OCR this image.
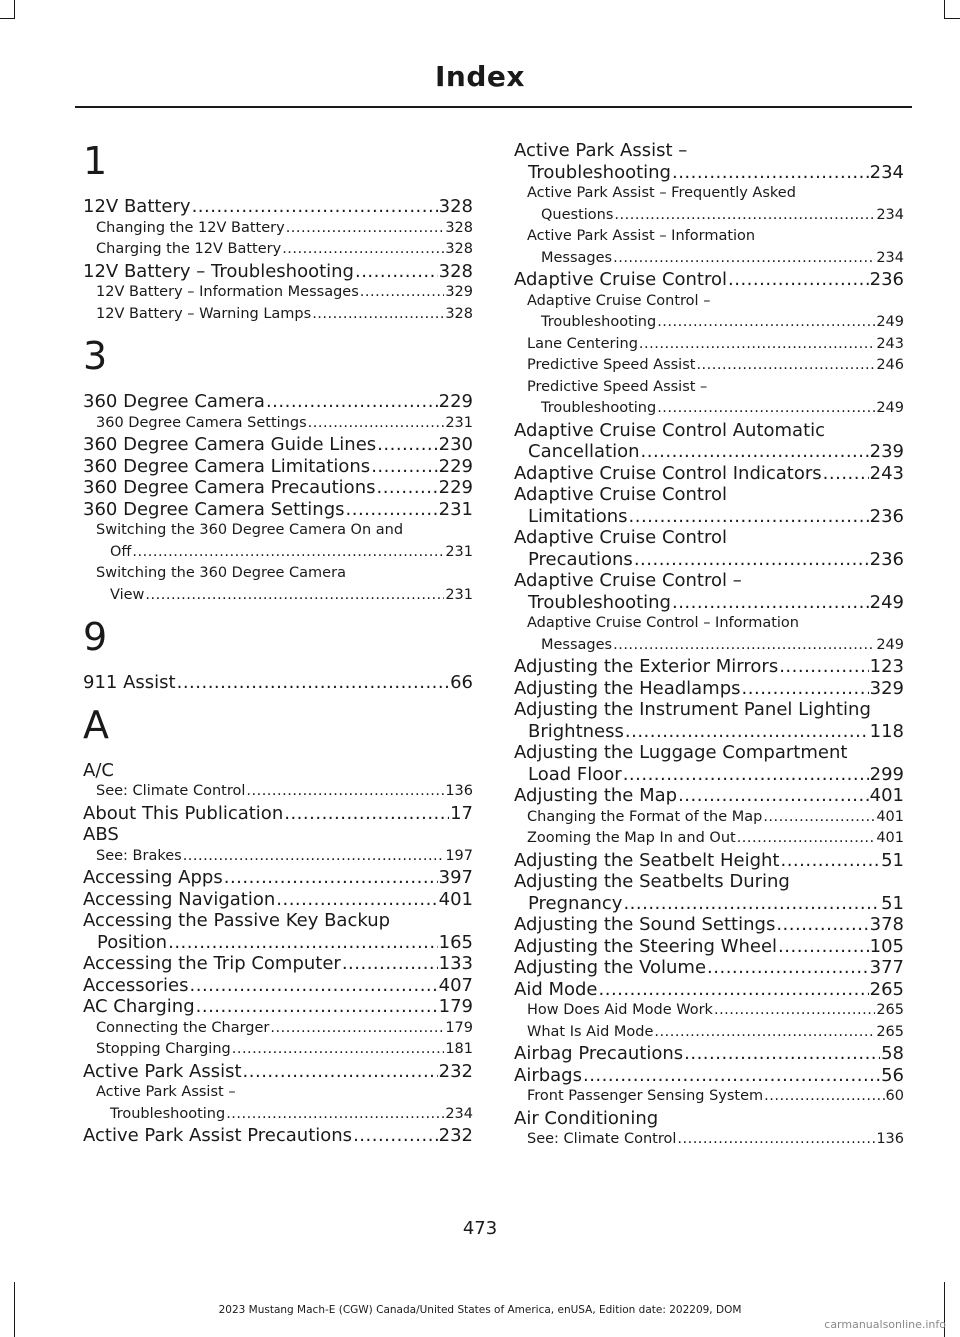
Index
1
12V Battery .....	328
Changing the 12V Battery .....	328
Charging the 12V Battery .....	328
12V Battery – Troubleshooting .....	328
12V Battery – Information Messages .....	329
12V Battery – Warning Lamps .....	328
3
360 Degree Camera .....	229
360 Degree Camera Settings .....	231
360 Degree Camera Guide Lines .....	230
360 Degree Camera Limitations .....	229
360 Degree Camera Precautions .....	229
360 Degree Camera Settings .....	231
Switching the 360 Degree Camera On and
Off .....	231
Switching the 360 Degree Camera
View .....	231
9
911 Assist .....	66
A
A/C
See: Climate Control .....	136
About This Publication .....	17
ABS
See: Brakes .....	197
Accessing Apps .....	397
Accessing Navigation .....	401
Accessing the Passive Key Backup
Position .....	165
Accessing the Trip Computer .....	133
Accessories .....	407
AC Charging .....	179
Connecting the Charger .....	179
Stopping Charging .....	181
Active Park Assist .....	232
Active Park Assist –
Troubleshooting .....	234
Active Park Assist Precautions .....	232
Active Park Assist –
Troubleshooting .....	234
Active Park Assist – Frequently Asked
Questions .....	234
Active Park Assist – Information
Messages .....	234
Adaptive Cruise Control .....	236
Adaptive Cruise Control –
Troubleshooting .....	249
Lane Centering .....	243
Predictive Speed Assist .....	246
Predictive Speed Assist –
Troubleshooting .....	249
Adaptive Cruise Control Automatic
Cancellation .....	239
Adaptive Cruise Control Indicators .....	243
Adaptive Cruise Control
Limitations .....	236
Adaptive Cruise Control
Precautions .....	236
Adaptive Cruise Control –
Troubleshooting .....	249
Adaptive Cruise Control – Information
Messages .....	249
Adjusting the Exterior Mirrors .....	123
Adjusting the Headlamps .....	329
Adjusting the Instrument Panel Lighting
Brightness .....	118
Adjusting the Luggage Compartment
Load Floor .....	299
Adjusting the Map .....	401
Changing the Format of the Map .....	401
Zooming the Map In and Out .....	401
Adjusting the Seatbelt Height .....	51
Adjusting the Seatbelts During
Pregnancy .....	51
Adjusting the Sound Settings .....	378
Adjusting the Steering Wheel .....	105
Adjusting the Volume .....	377
Aid Mode .....	265
How Does Aid Mode Work .....	265
What Is Aid Mode .....	265
Airbag Precautions .....	58
Airbags .....	56
Front Passenger Sensing System .....	60
Air Conditioning
See: Climate Control .....	136
473
2023 Mustang Mach-E (CGW) Canada/United States of America, enUSA, Edition date: 202209, DOM
carmanualsonline.info
